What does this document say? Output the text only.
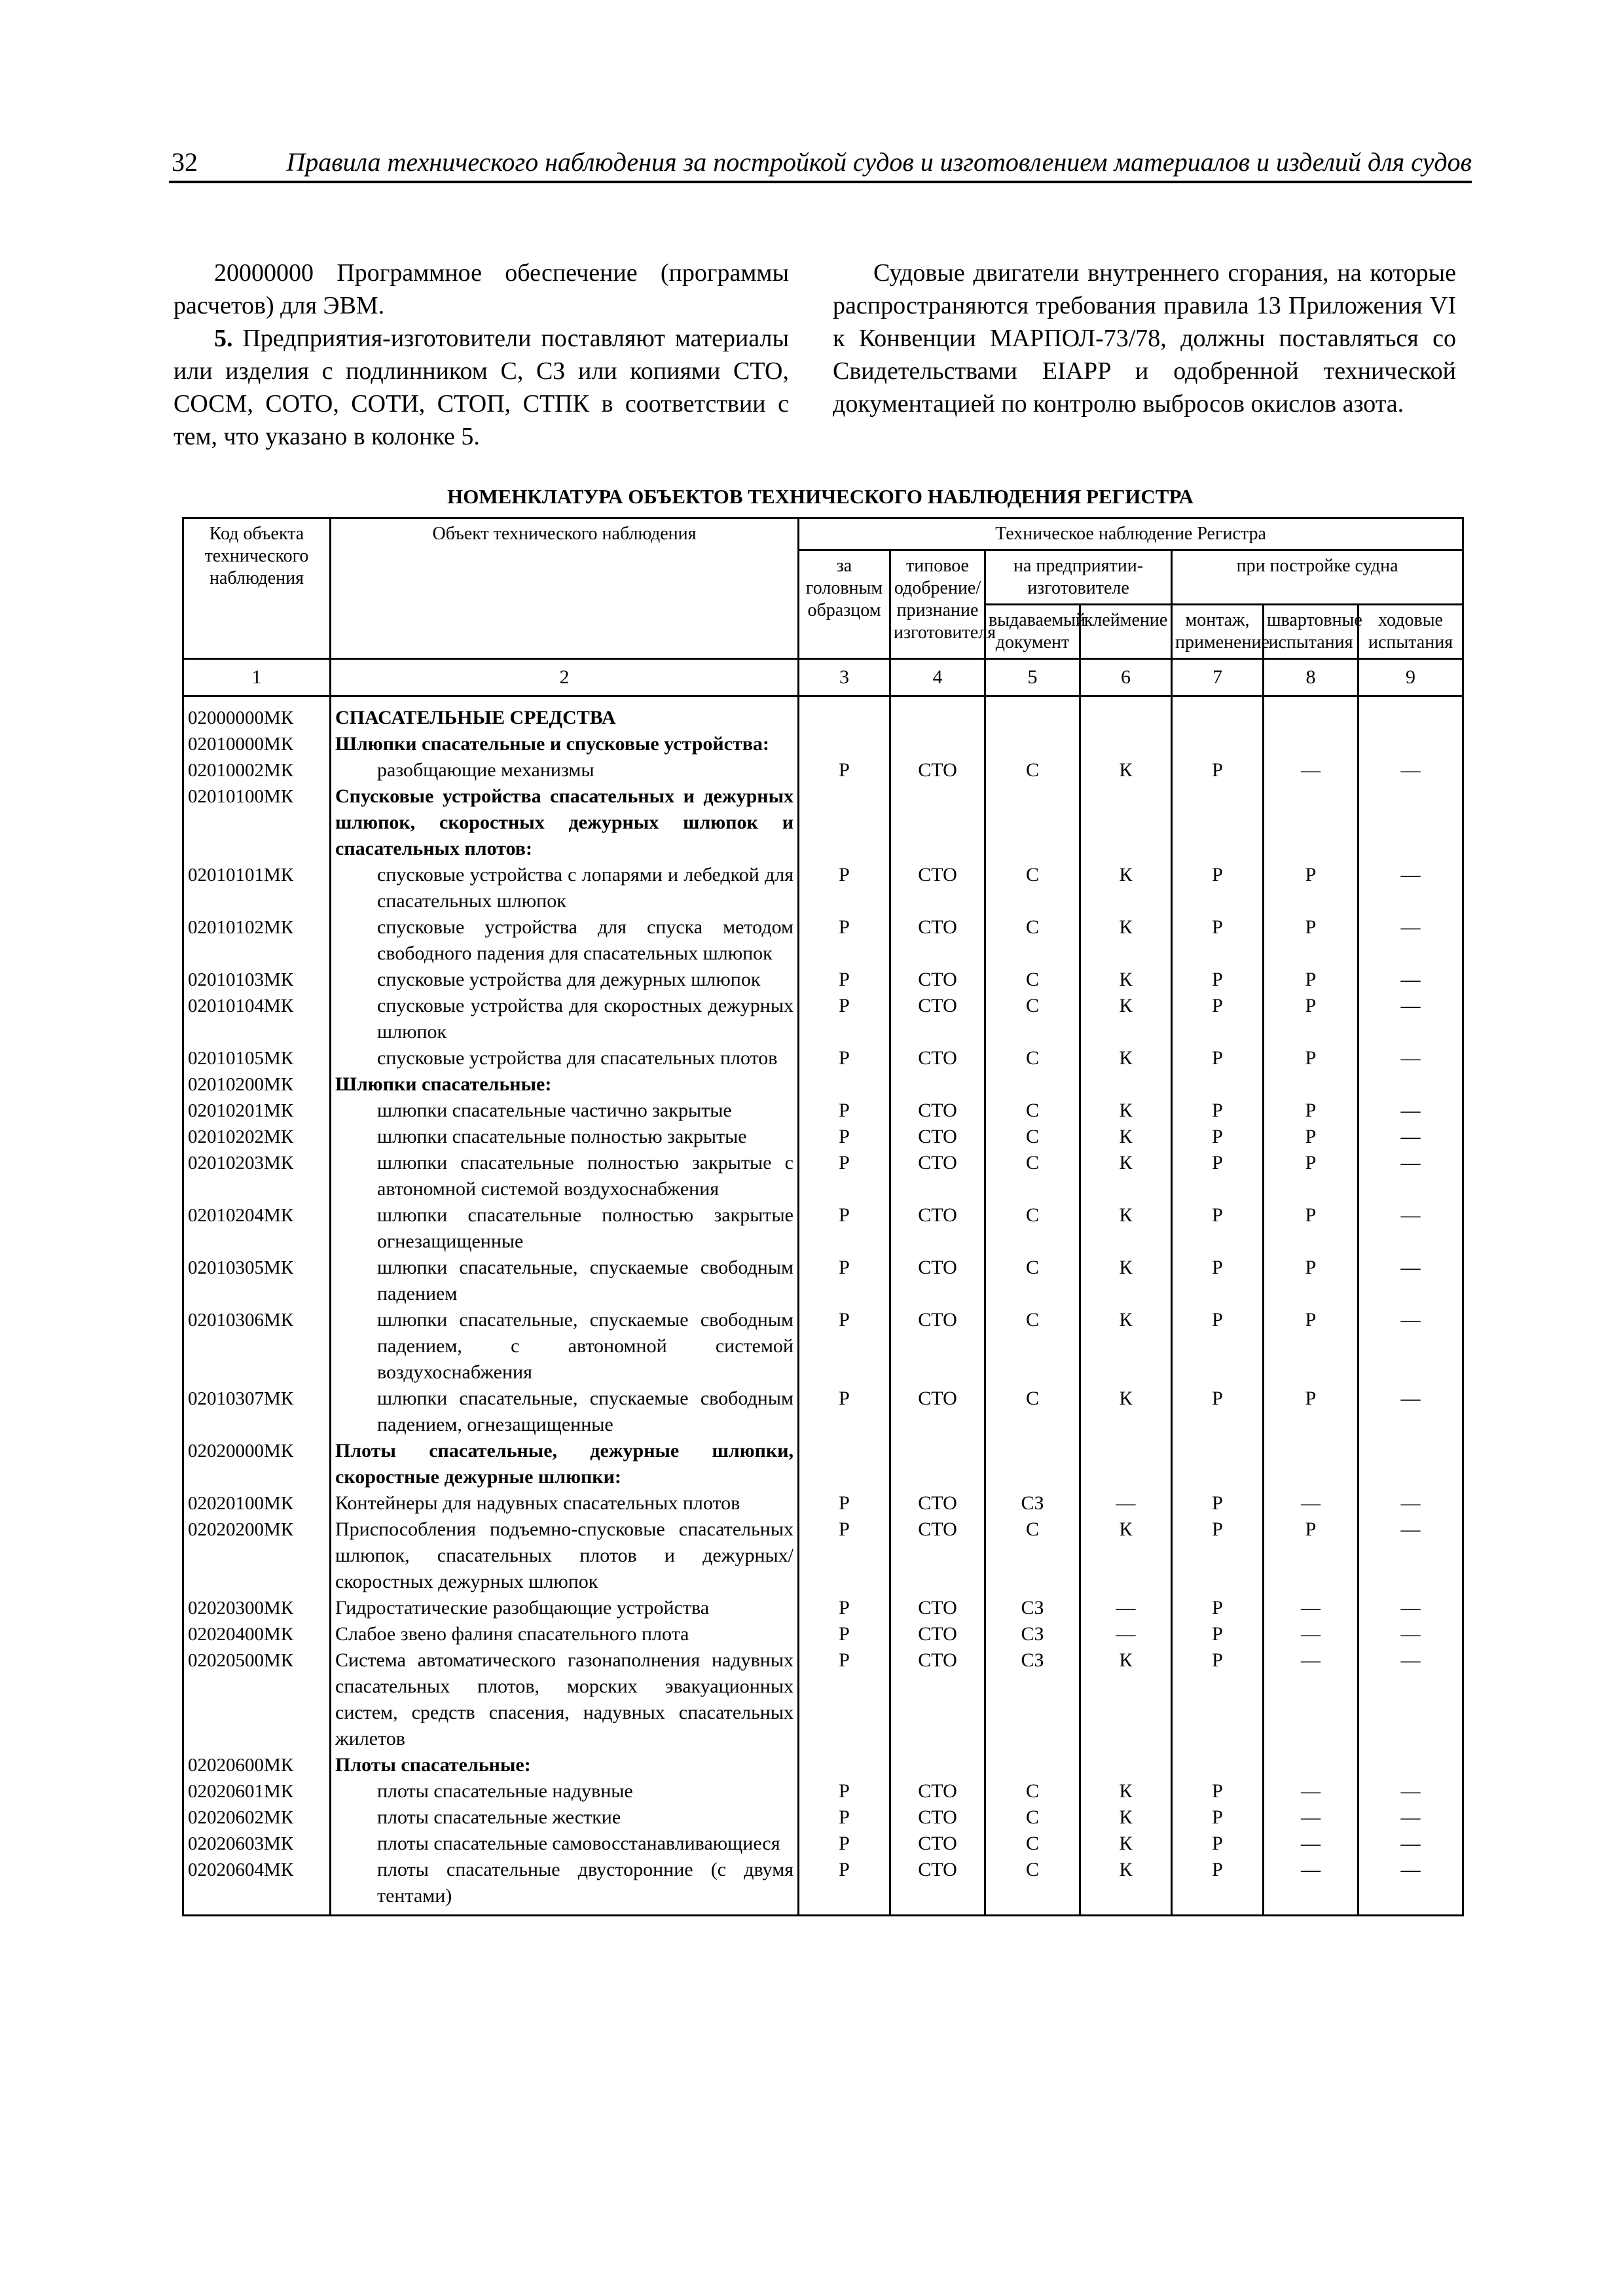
32	Правила технического наблюдения за постройкой судов и изготовлением материалов и изделий для судов

20000000 Программное обеспечение (программы расчетов) для ЭВМ.

5. Предприятия-изготовители поставляют материалы или изделия с подлинником С, СЗ или копиями СТО, СОСМ, СОТО, СОТИ, СТОП, СТПК в соответствии с тем, что указано в колонке 5.

Судовые двигатели внутреннего сгорания, на которые распространяются требования правила 13 Приложения VI к Конвенции МАРПОЛ-73/78, должны поставляться со Свидетельствами EIAPP и одобренной технической документацией по контролю выбросов окислов азота.

НОМЕНКЛАТУРА ОБЪЕКТОВ ТЕХНИЧЕСКОГО НАБЛЮДЕНИЯ РЕГИСТРА
Код объекта технического наблюдения	Объект технического наблюдения	Техническое наблюдение Регистра						
		за головным образцом	типовое одобрение/признание изготовителя	на предприятии-изготовителе		при постройке судна		
				выдаваемый документ	клеймение	монтаж, применение	швартовные испытания	ходовые испытания
1	2	3	4	5	6	7	8	9
02000000МК	СПАСАТЕЛЬНЫЕ СРЕДСТВА							
02010000МК	Шлюпки спасательные и спусковые устройства:							
02010002МК	разобщающие механизмы	Р	СТО	С	К	Р	—	—
02010100МК	Спусковые устройства спасательных и дежурных шлюпок, скоростных дежурных шлюпок и спасательных плотов:							
02010101МК	спусковые устройства с лопарями и лебедкой для спасательных шлюпок	Р	СТО	С	К	Р	Р	—
02010102МК	спусковые устройства для спуска методом свободного падения для спасательных шлюпок	Р	СТО	С	К	Р	Р	—
02010103МК	спусковые устройства для дежурных шлюпок	Р	СТО	С	К	Р	Р	—
02010104МК	спусковые устройства для скоростных дежурных шлюпок	Р	СТО	С	К	Р	Р	—
02010105МК	спусковые устройства для спасательных плотов	Р	СТО	С	К	Р	Р	—
02010200МК	Шлюпки спасательные:							
02010201МК	шлюпки спасательные частично закрытые	Р	СТО	С	К	Р	Р	—
02010202МК	шлюпки спасательные полностью закрытые	Р	СТО	С	К	Р	Р	—
02010203МК	шлюпки спасательные полностью закрытые с автономной системой воздухоснабжения	Р	СТО	С	К	Р	Р	—
02010204МК	шлюпки спасательные полностью закрытые огнезащищенные	Р	СТО	С	К	Р	Р	—
02010305МК	шлюпки спасательные, спускаемые свободным падением	Р	СТО	С	К	Р	Р	—
02010306МК	шлюпки спасательные, спускаемые свободным падением, с автономной системой воздухоснабжения	Р	СТО	С	К	Р	Р	—
02010307МК	шлюпки спасательные, спускаемые свободным падением, огнезащищенные	Р	СТО	С	К	Р	Р	—
02020000МК	Плоты спасательные, дежурные шлюпки, скоростные дежурные шлюпки:							
02020100МК	Контейнеры для надувных спасательных плотов	Р	СТО	СЗ	—	Р	—	—
02020200МК	Приспособления подъемно-спусковые спасательных шлюпок, спасательных плотов и дежурных/скоростных дежурных шлюпок	Р	СТО	С	К	Р	Р	—
02020300МК	Гидростатические разобщающие устройства	Р	СТО	СЗ	—	Р	—	—
02020400МК	Слабое звено фалиня спасательного плота	Р	СТО	СЗ	—	Р	—	—
02020500МК	Система автоматического газонаполнения надувных спасательных плотов, морских эвакуационных систем, средств спасения, надувных спасательных жилетов	Р	СТО	СЗ	К	Р	—	—
02020600МК	Плоты спасательные:							
02020601МК	плоты спасательные надувные	Р	СТО	С	К	Р	—	—
02020602МК	плоты спасательные жесткие	Р	СТО	С	К	Р	—	—
02020603МК	плоты спасательные самовосстанавливающиеся	Р	СТО	С	К	Р	—	—
02020604МК	плоты спасательные двусторонние (с двумя тентами)	Р	СТО	С	К	Р	—	—
